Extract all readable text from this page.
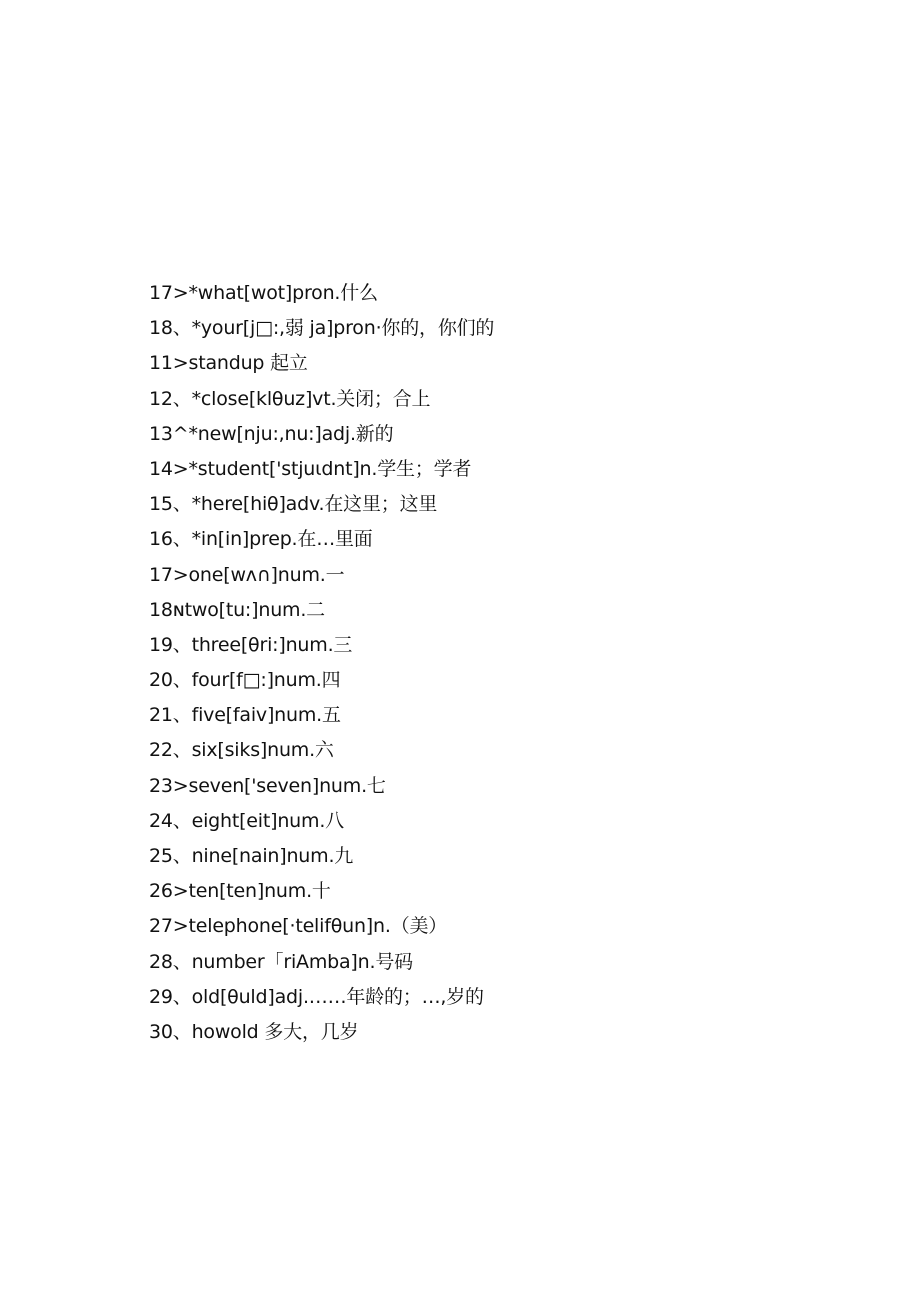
17>*what[wot]pron.什么
18、*your[j□:,弱 ja]pron·你的，你们的
11>standup 起立
12、*close[klθuz]vt.关闭；合上
13^*new[nju:,nu:]adj.新的
14>*student['stjuιdnt]n.学生；学者
15、*here[hiθ]adv.在这里；这里
16、*in[in]prep.在…里面
17>one[wʌ∩]num.一
18ɴtwo[tu:]num.二
19、three[θri:]num.三
20、four[f□:]num.四
21、five[faiv]num.五
22、six[siks]num.六
23>seven['seven]num.七
24、eight[eit]num.八
25、nine[nain]num.九
26>ten[ten]num.十
27>telephone[·telifθun]n.（美）
28、number「riAmba]n.号码
29、old[θuld]adj.……年龄的；…,岁的
30、howold 多大，几岁
